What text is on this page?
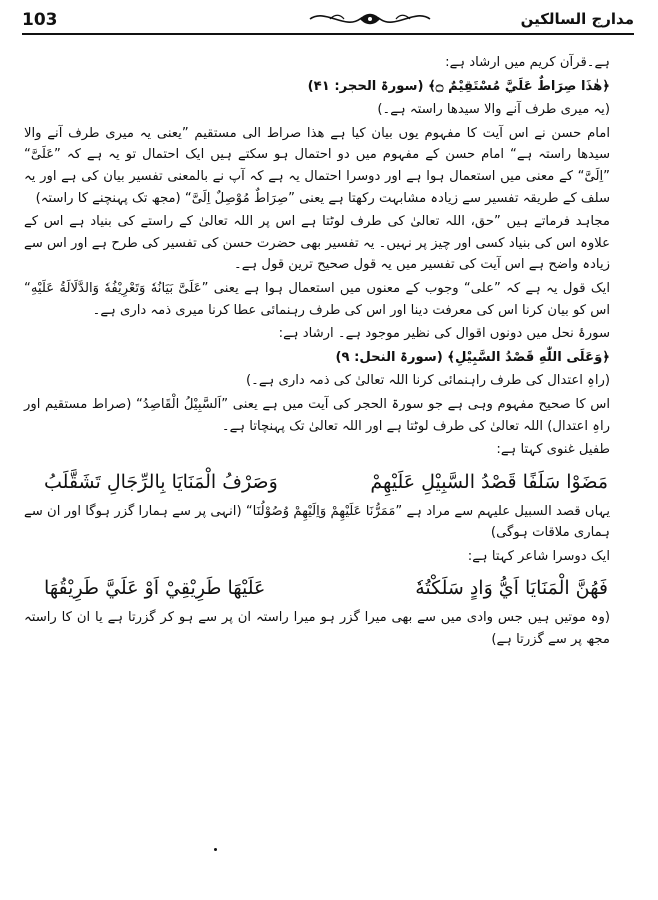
103	مدارج السالکین

ہے۔قرآن کریم میں ارشاد ہے:

﴿هٰذَا صِرَاطٌ عَلَيَّ مُسْتَقِيْمٌ ۝﴾ (سورۃ الحجر: ۴۱)

(یہ میری طرف آنے والا سیدھا راستہ ہے۔)

امام حسن نے اس آیت کا مفہوم یوں بیان کیا ہے ھذا صراط الی مستقیم ”یعنی یہ میری طرف آنے والا سیدھا راستہ ہے“ امام حسن کے مفہوم میں دو احتمال ہو سکتے ہیں ایک احتمال تو یہ ہے کہ ”عَلَیَّ“ ”اِلَیَّ“ کے معنی میں استعمال ہوا ہے اور دوسرا احتمال یہ ہے کہ آپ نے بالمعنی تفسیر بیان کی ہے اور یہ سلف کے طریقہ تفسیر سے زیادہ مشابہت رکھتا ہے یعنی ”صِرَاطٌ مُوْصِلٌ اِلَیَّ“ (مجھ تک پہنچنے کا راستہ)

مجاہد فرماتے ہیں ”حق، اللہ تعالیٰ کی طرف لوٹتا ہے اس پر اللہ تعالیٰ کے راستے کی بنیاد ہے اس کے علاوہ اس کی بنیاد کسی اور چیز پر نہیں۔ یہ تفسیر بھی حضرت حسن کی تفسیر کی طرح ہے اور اس سے زیادہ واضح ہے اس آیت کی تفسیر میں یہ قول صحیح ترین قول ہے۔

ایک قول یہ ہے کہ ”علی“ وجوب کے معنوں میں استعمال ہوا ہے یعنی ”عَلَیَّ بَیَانُهٗ وَتَعْرِیْفُهٗ وَالدَّلَالَةُ عَلَیْهِ“ اس کو بیان کرنا اس کی معرفت دینا اور اس کی طرف رہنمائی عطا کرنا میری ذمہ داری ہے۔

سورۂ نحل میں دونوں اقوال کی نظیر موجود ہے۔ ارشاد ہے:

﴿وَعَلَى اللّٰهِ قَصْدُ السَّبِيْلِ﴾ (سورۃ النحل: ۹)

(راہِ اعتدال کی طرف راہنمائی کرنا اللہ تعالیٰ کی ذمہ داری ہے۔)

اس کا صحیح مفہوم وہی ہے جو سورۃ الحجر کی آیت میں ہے یعنی ”اَلسَّبِیْلُ الْقَاصِدُ“ (صراط مستقیم اور راہِ اعتدال) اللہ تعالیٰ کی طرف لوٹتا ہے اور اللہ تعالیٰ تک پہنچاتا ہے۔

طفیل غنوی کہتا ہے:

مَضَوْا سَلَفًا قَصْدُ السَّبِيْلِ عَلَيْهِمْ
وَصَرْفُ الْمَنَايَا بِالرِّجَالِ تَشَقَّلَبُ

یہاں قصد السبیل علیہم سے مراد ہے ”مَمَرُّنَا عَلَيْهِمْ وَاِلَيْهِمْ وُصُوْلُنَا“ (انہی پر سے ہمارا گزر ہوگا اور ان سے ہماری ملاقات ہوگی)

ایک دوسرا شاعر کہتا ہے:

فَهُنَّ الْمَنَايَا اَيُّ وَادٍ سَلَكْتُهٗ
عَلَيْهَا طَرِيْقِيْ اَوْ عَلَيَّ طَرِيْقُهَا

(وہ موتیں ہیں جس وادی میں سے بھی میرا گزر ہو میرا راستہ ان پر سے ہو کر گزرتا ہے یا ان کا راستہ مجھ پر سے گزرتا ہے)
